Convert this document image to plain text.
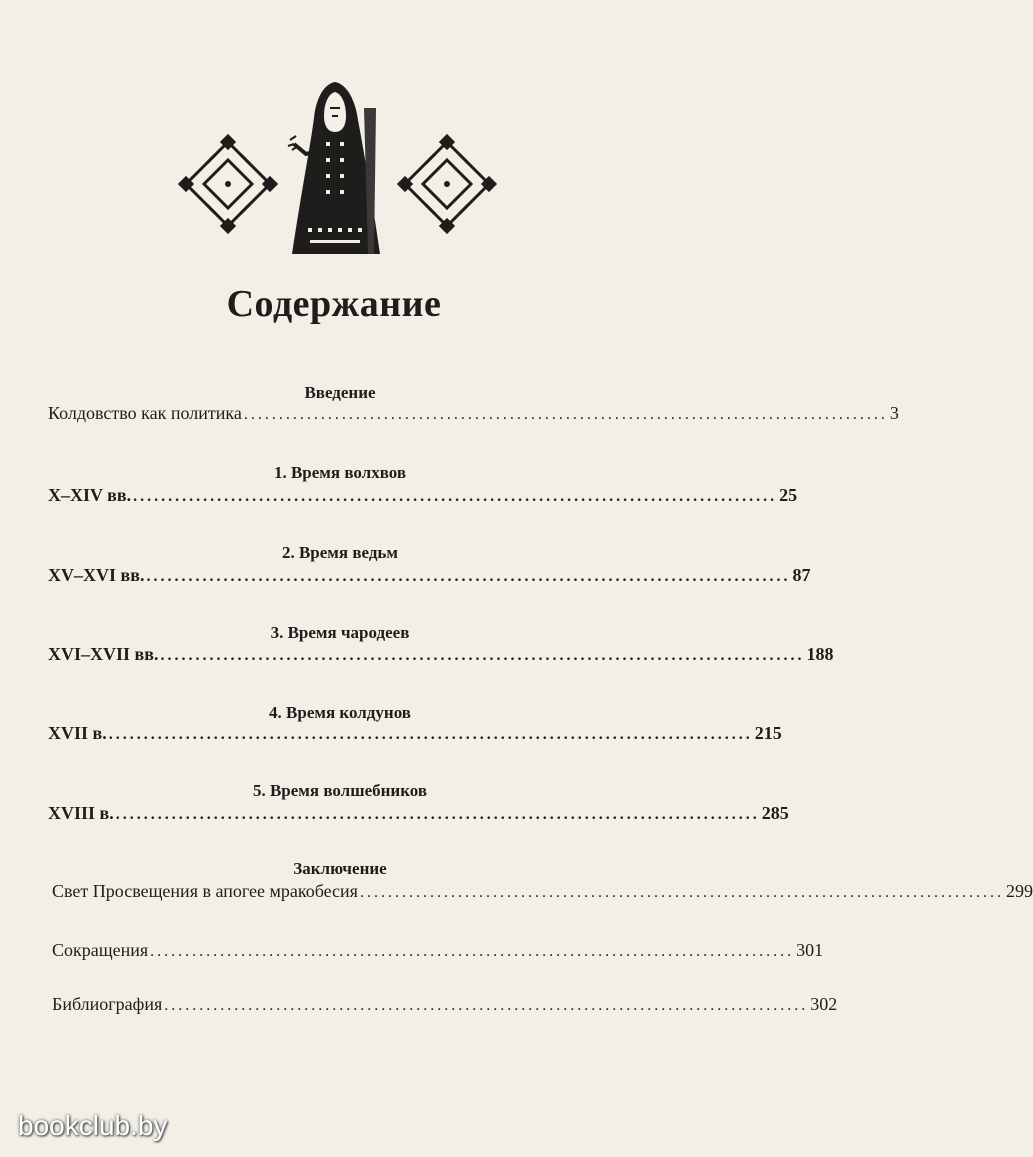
Содержание
Введение
Колдовство как политика ............................................................................................ 3
1. Время волхвов
X–XIV вв. ............................................................................................ 25
2. Время ведьм
XV–XVI вв. ............................................................................................ 87
3. Время чародеев
XVI–XVII вв. ............................................................................................ 188
4. Время колдунов
XVII в. ............................................................................................ 215
5. Время волшебников
XVIII в. ............................................................................................ 285
Заключение
Свет Просвещения в апогее мракобесия ............................................................................................ 299
Сокращения ............................................................................................ 301
Библиография ............................................................................................ 302
bookclub.by
